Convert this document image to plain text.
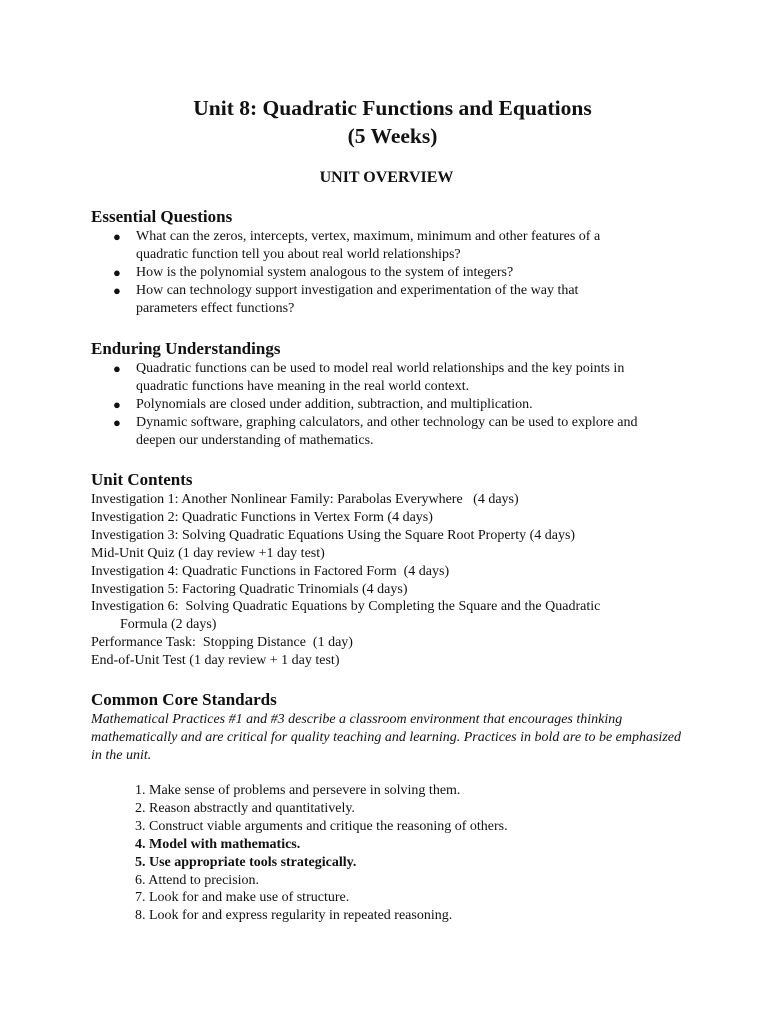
Unit 8: Quadratic Functions and Equations
(5 Weeks)
UNIT OVERVIEW
Essential Questions
● What can the zeros, intercepts, vertex, maximum, minimum and other features of a
quadratic function tell you about real world relationships?
● How is the polynomial system analogous to the system of integers?
● How can technology support investigation and experimentation of the way that
parameters effect functions?
Enduring Understandings
● Quadratic functions can be used to model real world relationships and the key points in
quadratic functions have meaning in the real world context.
● Polynomials are closed under addition, subtraction, and multiplication.
● Dynamic software, graphing calculators, and other technology can be used to explore and
deepen our understanding of mathematics.
Unit Contents
Investigation 1: Another Nonlinear Family: Parabolas Everywhere   (4 days)
Investigation 2: Quadratic Functions in Vertex Form (4 days)
Investigation 3: Solving Quadratic Equations Using the Square Root Property (4 days)
Mid-Unit Quiz (1 day review +1 day test)
Investigation 4: Quadratic Functions in Factored Form  (4 days)
Investigation 5: Factoring Quadratic Trinomials (4 days)
Investigation 6:  Solving Quadratic Equations by Completing the Square and the Quadratic
Formula (2 days)
Performance Task:  Stopping Distance  (1 day)
End-of-Unit Test (1 day review + 1 day test)
Common Core Standards
Mathematical Practices #1 and #3 describe a classroom environment that encourages thinking mathematically and are critical for quality teaching and learning. Practices in bold are to be emphasized in the unit.
1. Make sense of problems and persevere in solving them.
2. Reason abstractly and quantitatively.
3. Construct viable arguments and critique the reasoning of others.
4. Model with mathematics.
5. Use appropriate tools strategically.
6. Attend to precision.
7. Look for and make use of structure.
8. Look for and express regularity in repeated reasoning.
